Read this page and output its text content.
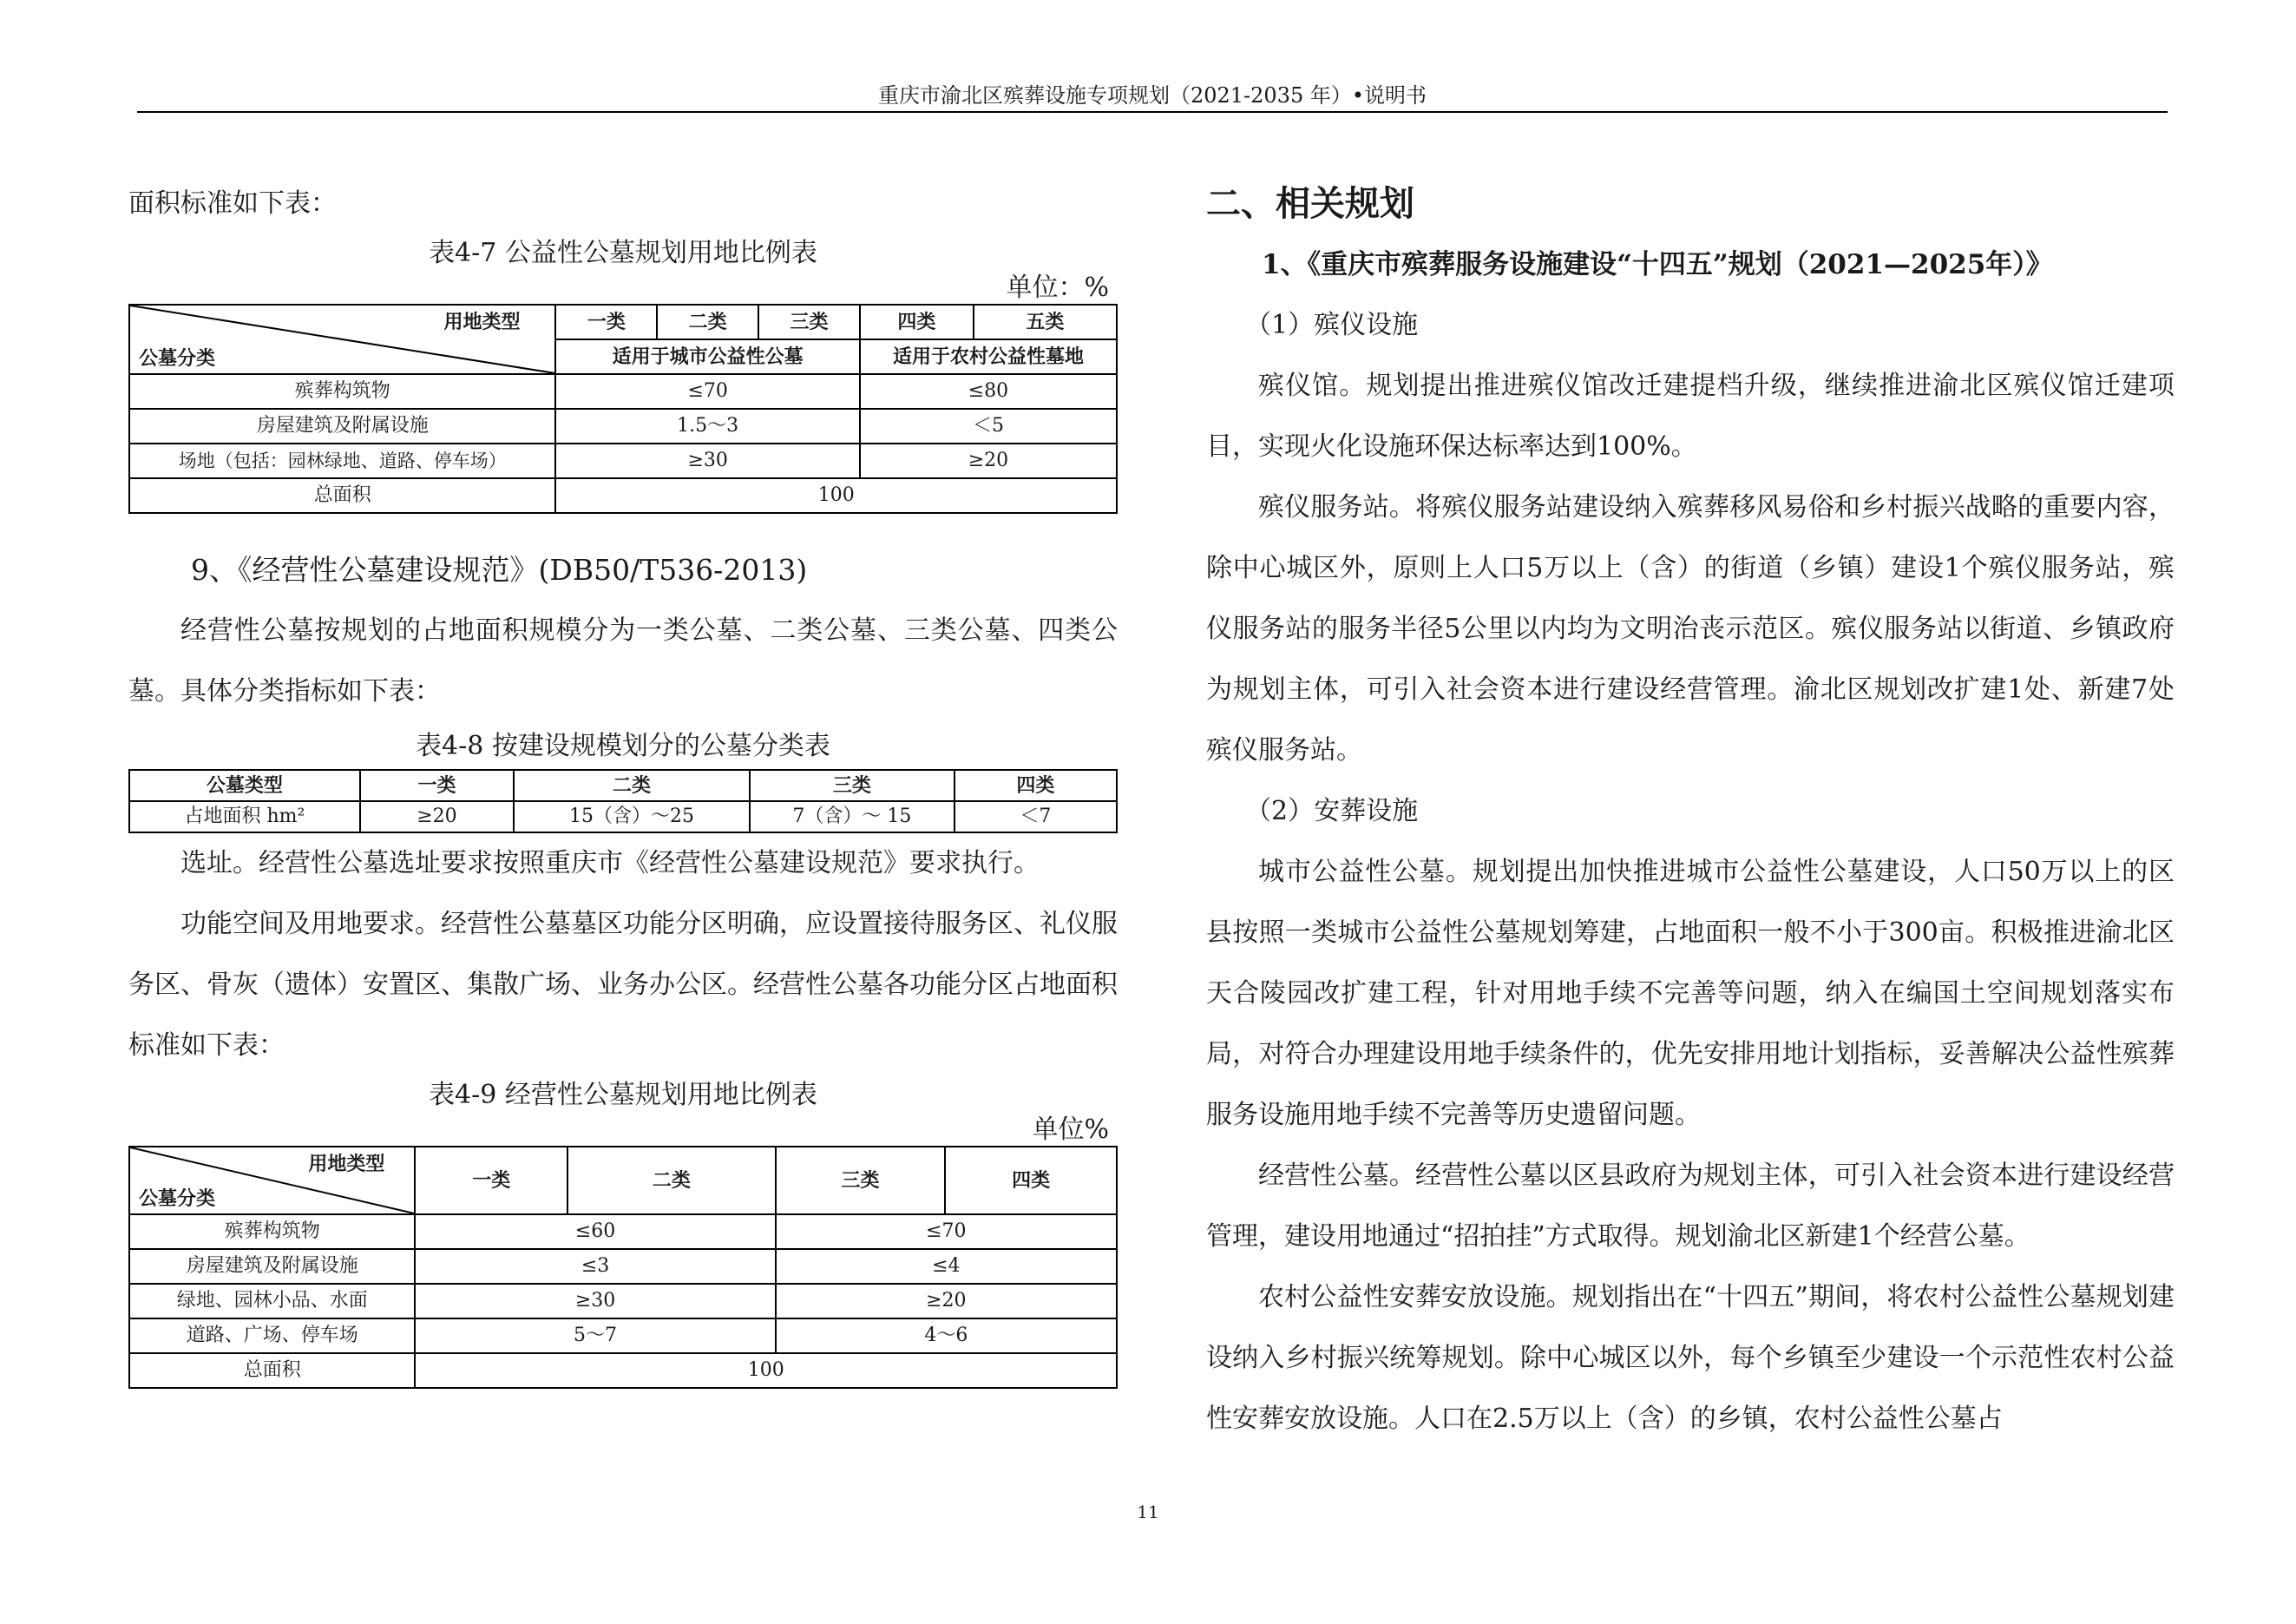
重庆市渝北区殡葬设施专项规划（2021-2035 年）•说明书

面积标准如下表：

表4-7 公益性公墓规划用地比例表

单位：%

用地类型
公墓分类	一类	二类	三类	四类	五类
	适用于城市公益性公墓			适用于农村公益性墓地	
殡葬构筑物	≤70			≤80	
房屋建筑及附属设施	1.5～3			＜5	
场地（包括：园林绿地、道路、停车场）	≥30			≥20	
总面积	100				
9、《经营性公墓建设规范》(DB50/T536-2013)

经营性公墓按规划的占地面积规模分为一类公墓、二类公墓、三类公墓、四类公墓。具体分类指标如下表：

表4-8 按建设规模划分的公墓分类表

公墓类型	一类	二类	三类	四类
占地面积 hm²	≥20	15（含）～25	7（含）～ 15	＜7

选址。经营性公墓选址要求按照重庆市《经营性公墓建设规范》要求执行。

功能空间及用地要求。经营性公墓墓区功能分区明确，应设置接待服务区、礼仪服务区、骨灰（遗体）安置区、集散广场、业务办公区。经营性公墓各功能分区占地面积标准如下表：

表4-9 经营性公墓规划用地比例表

单位%

用地类型
公墓分类	一类	二类	三类	四类
殡葬构筑物	≤60		≤70	
房屋建筑及附属设施	≤3		≤4	
绿地、园林小品、水面	≥30		≥20	
道路、广场、停车场	5～7		4～6	
总面积	100			
二、相关规划
1、《重庆市殡葬服务设施建设“十四五”规划（2021—2025年）》

（1）殡仪设施

殡仪馆。规划提出推进殡仪馆改迁建提档升级，继续推进渝北区殡仪馆迁建项目，实现火化设施环保达标率达到100%。

殡仪服务站。将殡仪服务站建设纳入殡葬移风易俗和乡村振兴战略的重要内容，除中心城区外，原则上人口5万以上（含）的街道（乡镇）建设1个殡仪服务站，殡仪服务站的服务半径5公里以内均为文明治丧示范区。殡仪服务站以街道、乡镇政府为规划主体，可引入社会资本进行建设经营管理。渝北区规划改扩建1处、新建7处殡仪服务站。

（2）安葬设施

城市公益性公墓。规划提出加快推进城市公益性公墓建设，人口50万以上的区县按照一类城市公益性公墓规划筹建，占地面积一般不小于300亩。积极推进渝北区天合陵园改扩建工程，针对用地手续不完善等问题，纳入在编国土空间规划落实布局，对符合办理建设用地手续条件的，优先安排用地计划指标，妥善解决公益性殡葬服务设施用地手续不完善等历史遗留问题。

经营性公墓。经营性公墓以区县政府为规划主体，可引入社会资本进行建设经营管理，建设用地通过“招拍挂”方式取得。规划渝北区新建1个经营公墓。

农村公益性安葬安放设施。规划指出在“十四五”期间，将农村公益性公墓规划建设纳入乡村振兴统筹规划。除中心城区以外，每个乡镇至少建设一个示范性农村公益性安葬安放设施。人口在2.5万以上（含）的乡镇，农村公益性公墓占

11
